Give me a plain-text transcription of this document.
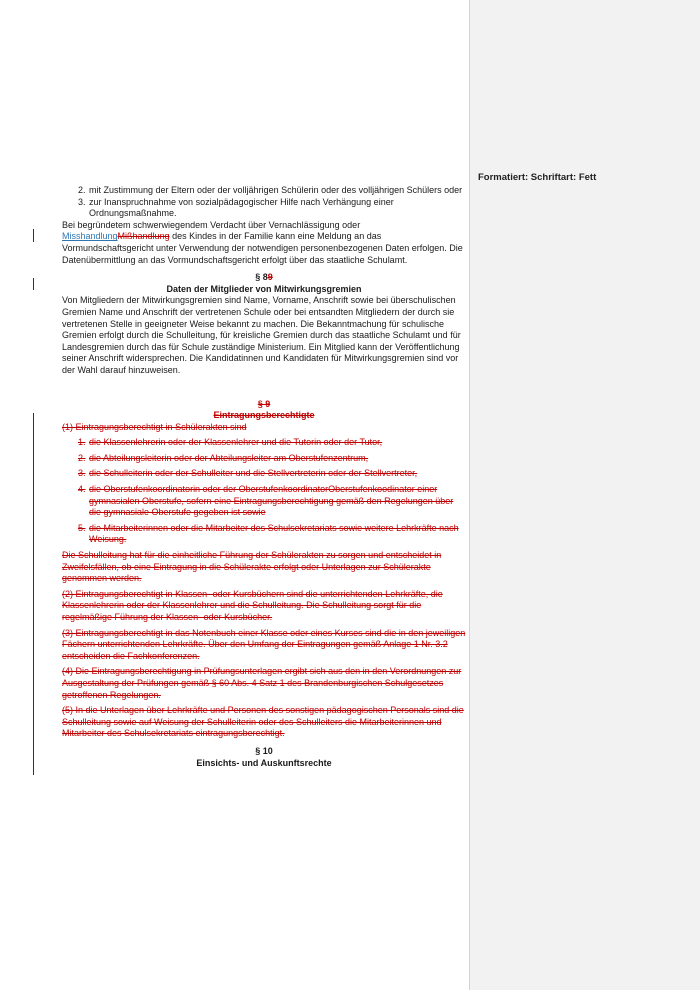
Formatiert: Schriftart: Fett
2. mit Zustimmung der Eltern oder der volljährigen Schülerin oder des volljährigen Schülers oder
3. zur Inanspruchnahme von sozialpädagogischer Hilfe nach Verhängung einer Ordnungsmaßnahme.

Bei begründetem schwerwiegendem Verdacht über Vernachlässigung oder MisshandlungMißhandlung des Kindes in der Familie kann eine Meldung an das Vormundschaftsgericht unter Verwendung der notwendigen personenbezogenen Daten erfolgen. Die Datenübermittlung an das Vormundschaftsgericht erfolgt über das staatliche Schulamt.

§ 89
Daten der Mitglieder von Mitwirkungsgremien

Von Mitgliedern der Mitwirkungsgremien sind Name, Vorname, Anschrift sowie bei überschulischen Gremien Name und Anschrift der vertretenen Schule oder bei entsandten Mitgliedern der durch sie vertretenen Stelle in geeigneter Weise bekannt zu machen. Die Bekanntmachung für schulische Gremien erfolgt durch die Schulleitung, für kreisliche Gremien durch das staatliche Schulamt und für Landesgremien durch das für Schule zuständige Ministerium. Ein Mitglied kann der Veröffentlichung seiner Anschrift widersprechen. Die Kandidatinnen und Kandidaten für Mitwirkungsgremien sind vor der Wahl darauf hinzuweisen.

§ 9
Eintragungsberechtigte

(1) Eintragungsberechtigt in Schülerakten sind

1. die Klassenlehrerin oder der Klassenlehrer und die Tutorin oder der Tutor,
2. die Abteilungsleiterin oder der Abteilungsleiter am Oberstufenzentrum,
3. die Schulleiterin oder der Schulleiter und die Stellvertreterin oder der Stellvertreter,
4. die Oberstufenkoordinatorin oder der OberstufenkoordinatorOberstufenkoodinator einer gymnasialen Oberstufe, sofern eine Eintragungsberechtigung gemäß den Regelungen über die gymnasiale Oberstufe gegeben ist sowie
5. die Mitarbeiterinnen oder die Mitarbeiter des Schulsekretariats sowie weitere Lehrkräfte nach Weisung.

Die Schulleitung hat für die einheitliche Führung der Schülerakten zu sorgen und entscheidet in Zweifelsfällen, ob eine Eintragung in die Schülerakte erfolgt oder Unterlagen zur Schülerakte genommen werden.

(2) Eintragungsberechtigt in Klassen- oder Kursbüchern sind die unterrichtenden Lehrkräfte, die Klassenlehrerin oder der Klassenlehrer und die Schulleitung. Die Schulleitung sorgt für die regelmäßige Führung der Klassen- oder Kursbücher.

(3) Eintragungsberechtigt in das Notenbuch einer Klasse oder eines Kurses sind die in den jeweiligen Fächern unterrichtenden Lehrkräfte. Über den Umfang der Eintragungen gemäß Anlage 1 Nr. 3.2 entscheiden die Fachkonferenzen.

(4) Die Eintragungsberechtigung in Prüfungsunterlagen ergibt sich aus den in den Verordnungen zur Ausgestaltung der Prüfungen gemäß § 60 Abs. 4 Satz 1 des Brandenburgischen Schulgesetzes getroffenen Regelungen.

(5) In die Unterlagen über Lehrkräfte und Personen des sonstigen pädagogischen Personals sind die Schulleitung sowie auf Weisung der Schulleiterin oder des Schulleiters die Mitarbeiterinnen und Mitarbeiter des Schulsekretariats eintragungsberechtigt.

§ 10
Einsichts- und Auskunftsrechte
